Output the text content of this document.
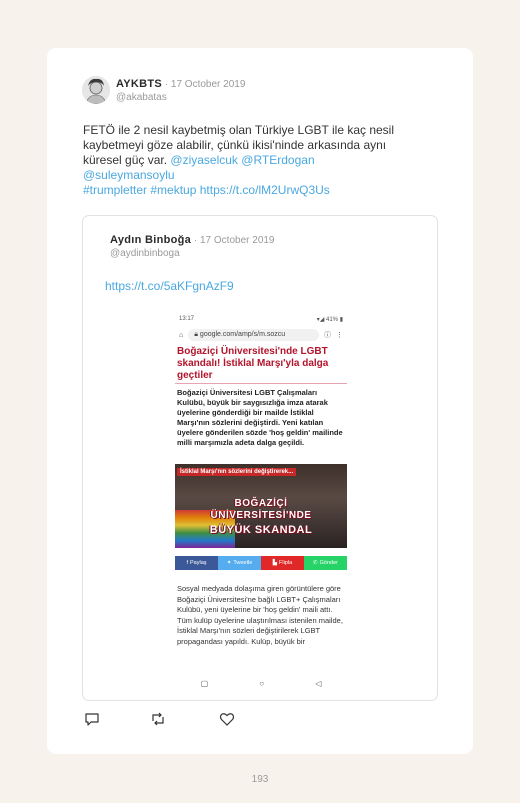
AYKBTS · 17 October 2019
@akabatas
FETÖ ile 2 nesil kaybetmiş olan Türkiye LGBT ile kaç nesil
kaybetmeyi göze alabilir, çünkü ikisi'ninde arkasında aynı
küresel güç var. @ziyaselcuk @RTErdogan
@suleymansoylu
#trumpletter #mektup https://t.co/lM2UrwQ3Us
Aydın Binboğa · 17 October 2019
@aydinbinboga
https://t.co/5aKFgnAzF9
13:17	▾◢ 41% ▮
⌂	🔒︎ google.com/amp/s/m.sozcu	ⓘ ⋮
Boğaziçi Üniversitesi'nde LGBT skandalı! İstiklal Marşı'yla dalga geçtiler
Boğaziçi Üniversitesi LGBT Çalışmaları Kulübü, büyük bir saygısızlığa imza atarak üyelerine gönderdiği bir mailde İstiklal Marşı'nın sözlerini değiştirdi. Yeni katılan üyelere gönderilen sözde 'hoş geldin' mailinde milli marşımızla adeta dalga geçildi.
İstiklal Marşı'nın sözlerini değiştirerek...
BOĞAZİÇİ
ÜNİVERSİTESİ'NDE
BÜYÜK SKANDAL
f Paylaş	✦ Tweetle	▙ Flipla	✆ Gönder
Sosyal medyada dolaşıma giren görüntülere göre Boğaziçi Üniversitesi'ne bağlı LGBT+ Çalışmaları Kulübü, yeni üyelerine bir 'hoş geldin' maili attı. Tüm kulüp üyelerine ulaştırılması istenilen mailde, İstiklal Marşı'nın sözleri değiştirilerek LGBT propagandası yapıldı. Kulüp, büyük bir
▢	○	◁
193
